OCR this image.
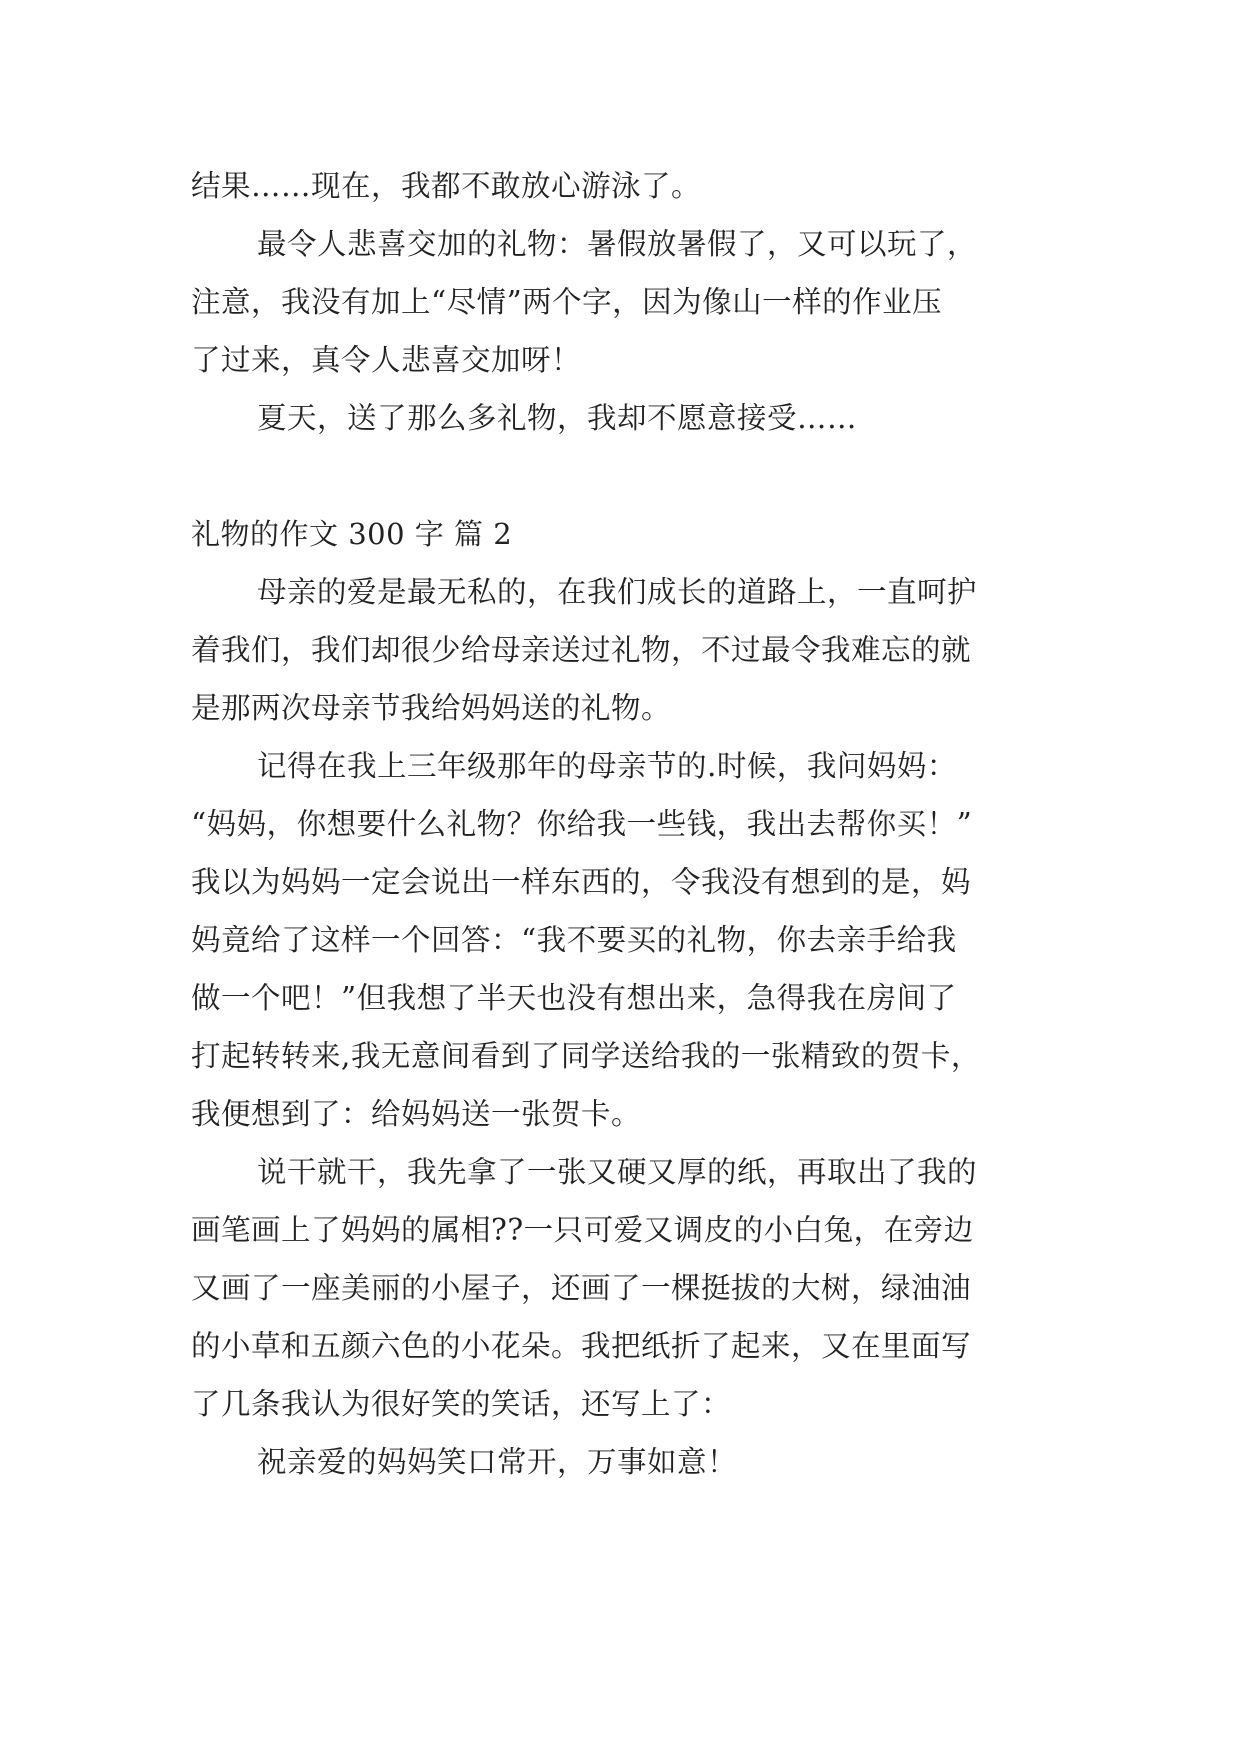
结果……现在，我都不敢放心游泳了。
最令人悲喜交加的礼物：暑假放暑假了，又可以玩了，
注意，我没有加上“尽情”两个字，因为像山一样的作业压
了过来，真令人悲喜交加呀！
夏天，送了那么多礼物，我却不愿意接受……
礼物的作文 300 字 篇 2
母亲的爱是最无私的，在我们成长的道路上，一直呵护
着我们，我们却很少给母亲送过礼物，不过最令我难忘的就
是那两次母亲节我给妈妈送的礼物。
记得在我上三年级那年的母亲节的.时候，我问妈妈：
“妈妈，你想要什么礼物？你给我一些钱，我出去帮你买！”
我以为妈妈一定会说出一样东西的，令我没有想到的是，妈
妈竟给了这样一个回答：“我不要买的礼物，你去亲手给我
做一个吧！”但我想了半天也没有想出来，急得我在房间了
打起转转来,我无意间看到了同学送给我的一张精致的贺卡，
我便想到了：给妈妈送一张贺卡。
说干就干，我先拿了一张又硬又厚的纸，再取出了我的
画笔画上了妈妈的属相??一只可爱又调皮的小白兔，在旁边
又画了一座美丽的小屋子，还画了一棵挺拔的大树，绿油油
的小草和五颜六色的小花朵。我把纸折了起来，又在里面写
了几条我认为很好笑的笑话，还写上了：
祝亲爱的妈妈笑口常开，万事如意！
